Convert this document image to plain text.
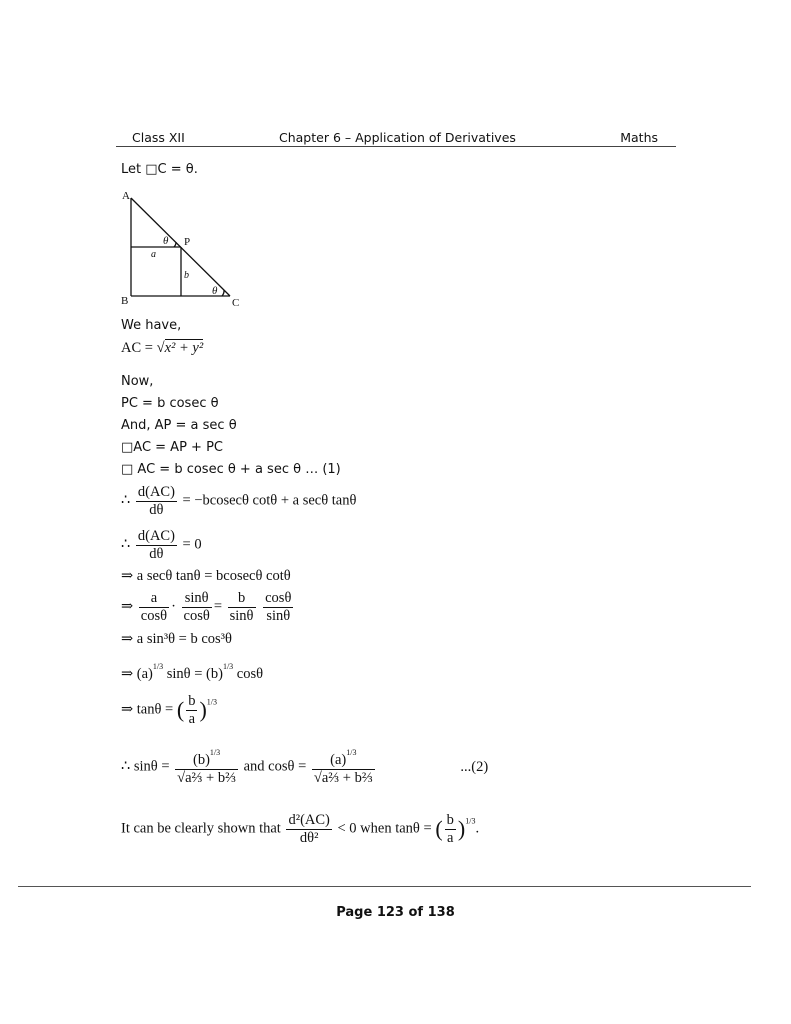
Class XII	Chapter 6 – Application of Derivatives	Maths
Let □C = θ.
A
B	C
P
a
b
θ
θ
We have,
AC = √x² + y²
Now,
PC = b cosec θ
And, AP = a sec θ
□AC = AP + PC
□ AC = b cosec θ + a sec θ … (1)
∴ $\frac{d(AC)}{d\theta} = -bcosec\theta$ cotθ + a secθ tanθ
∴ $\frac{d(AC)}{d\theta} = 0$
⇒ a secθ tanθ = bcosecθ cotθ
⇒ $\frac{a}{\cos\theta} \cdot \frac{\sin\theta}{\cos\theta} = \frac{b}{\sin\theta}$
$\frac{\cos\theta}{\sin\theta}$
⇒ a sin³θ = b cos³θ
⇒ $(a)^{1/3}$ $\sin\theta = (b)^{1/3}$ cosθ
⇒ tanθ = ( $\frac{b}{a} )^{1/3}$
∴ $\sin\theta = \frac{(b)^{1/3}}{\text{√a⅔ + b⅔}}$ and $\cos\theta = \frac{(a)^{1/3}}{\text{√a⅔ + b⅔}}$	...(2)
It can be clearly shown that $\frac{\text{d²(AC)}}{\text{dθ²}} < 0$ when tanθ = ( $\frac{b}{a} )^{1/3}$.
Page 123 of 138
